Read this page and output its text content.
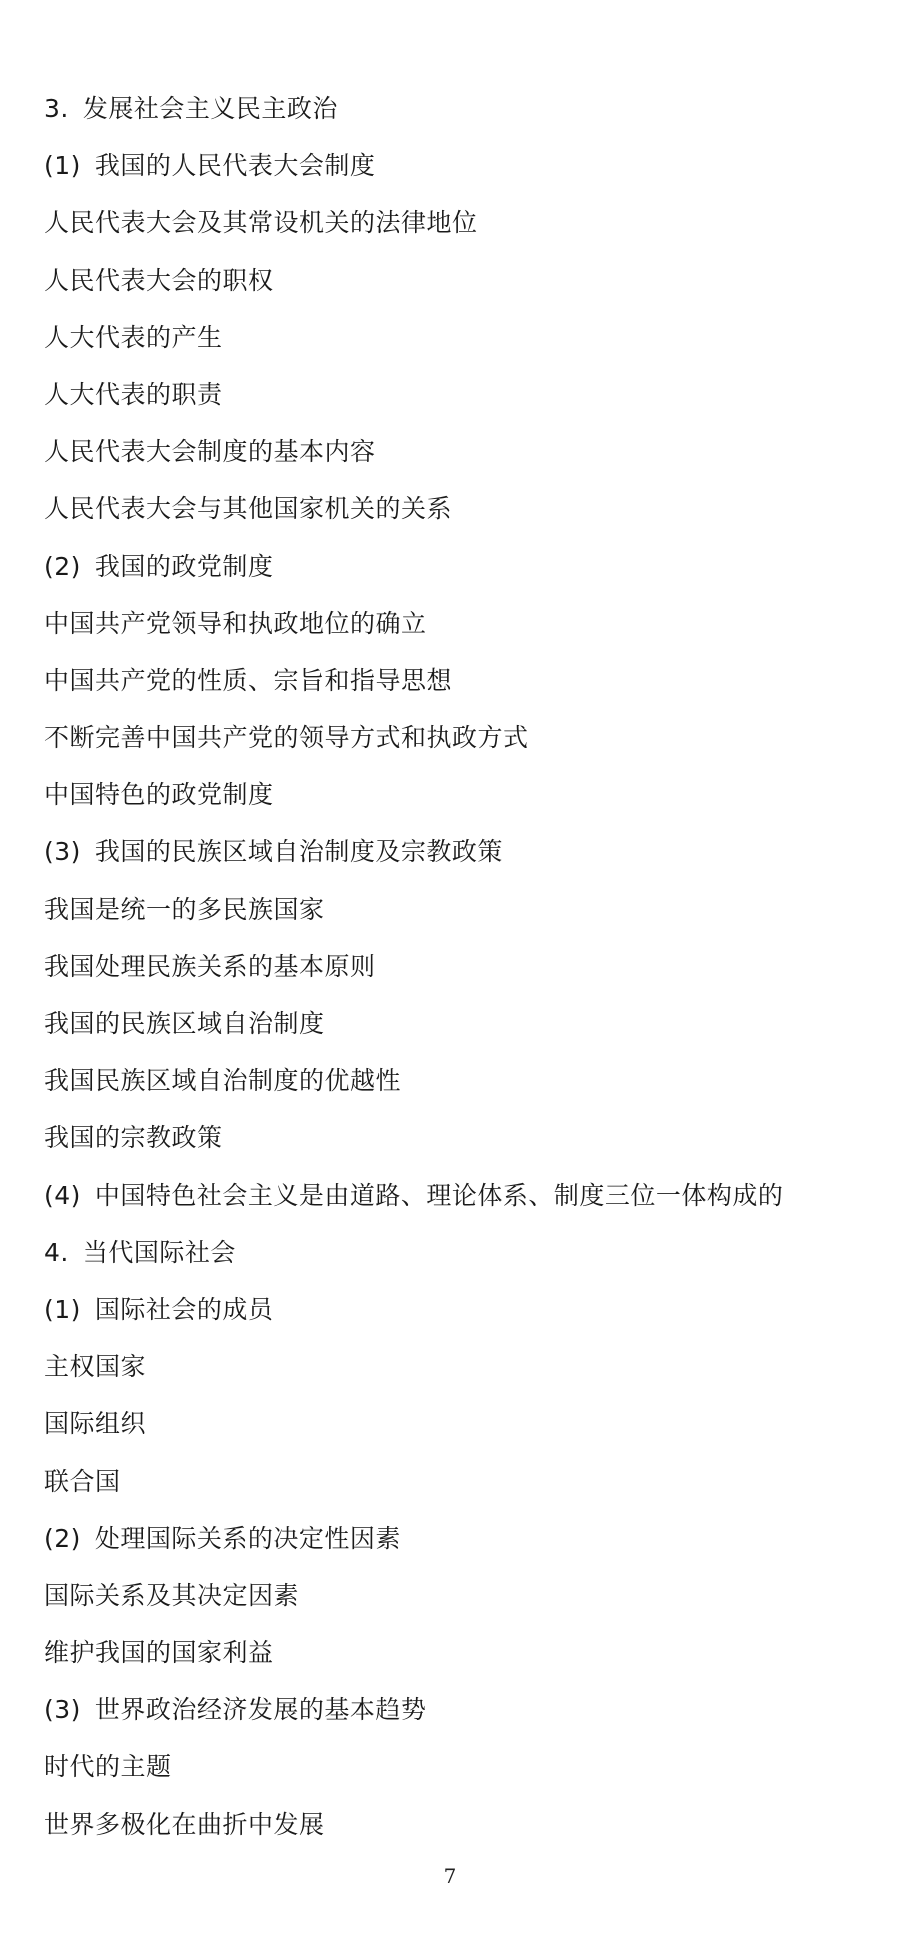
3. 发展社会主义民主政治
(1) 我国的人民代表大会制度
人民代表大会及其常设机关的法律地位
人民代表大会的职权
人大代表的产生
人大代表的职责
人民代表大会制度的基本内容
人民代表大会与其他国家机关的关系
(2) 我国的政党制度
中国共产党领导和执政地位的确立
中国共产党的性质、宗旨和指导思想
不断完善中国共产党的领导方式和执政方式
中国特色的政党制度
(3) 我国的民族区域自治制度及宗教政策
我国是统一的多民族国家
我国处理民族关系的基本原则
我国的民族区域自治制度
我国民族区域自治制度的优越性
我国的宗教政策
(4) 中国特色社会主义是由道路、理论体系、制度三位一体构成的
4. 当代国际社会
(1) 国际社会的成员
主权国家
国际组织
联合国
(2) 处理国际关系的决定性因素
国际关系及其决定因素
维护我国的国家利益
(3) 世界政治经济发展的基本趋势
时代的主题
世界多极化在曲折中发展
7
